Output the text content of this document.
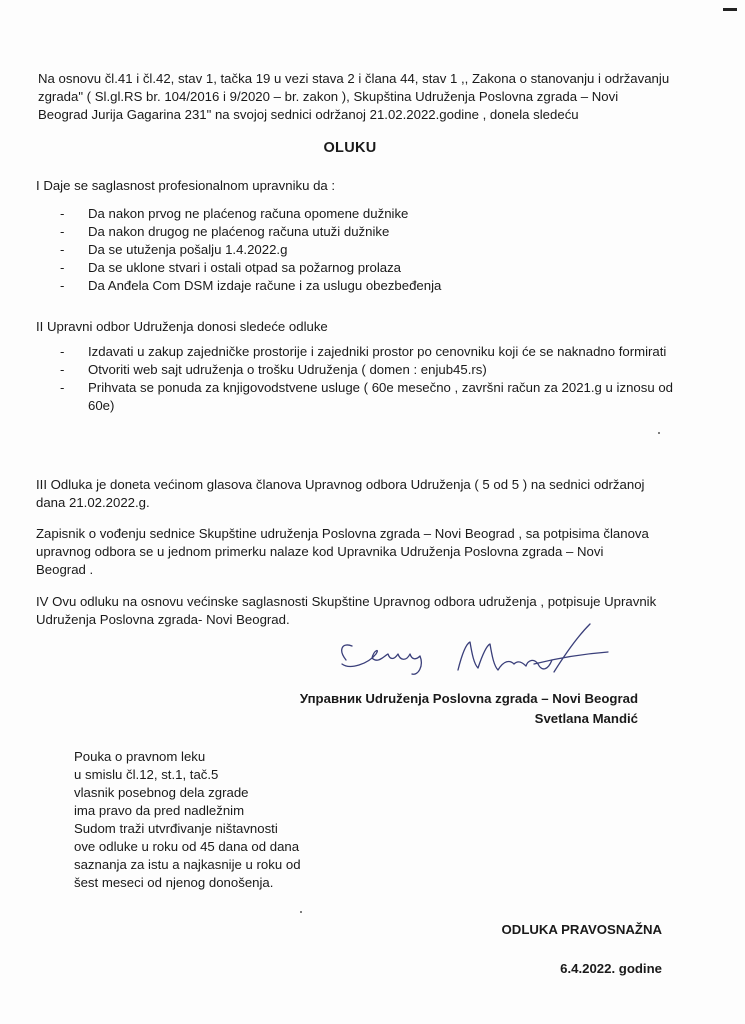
Na osnovu čl.41 i čl.42, stav 1, tačka 19 u vezi stava 2 i člana 44, stav 1 ,, Zakona o stanovanju i održavanju zgrada" ( Sl.gl.RS br. 104/2016 i 9/2020 – br. zakon ), Skupština Udruženja Poslovna zgrada – Novi Beograd Jurija Gagarina 231" na svojoj sednici održanoj 21.02.2022.godine , donela sledeću

OLUKU

I Daje se saglasnost profesionalnom upravniku da :

- Da nakon prvog ne plaćenog računa opomene dužnike
- Da nakon drugog ne plaćenog računa utuži dužnike
- Da se utuženja pošalju 1.4.2022.g
- Da se uklone stvari i ostali otpad sa požarnog prolaza
- Da Anđela Com DSM izdaje račune i za uslugu obezbeđenja

II Upravni odbor Udruženja donosi sledeće odluke

- Izdavati u zakup zajedničke prostorije i zajedniki prostor po cenovniku koji će se naknadno formirati
- Otvoriti web sajt udruženja o trošku Udruženja ( domen : enjub45.rs)
- Prihvata se ponuda za knjigovodstvene usluge ( 60e mesečno , završni račun za 2021.g u iznosu od 60e)

III Odluka je doneta većinom glasova članova Upravnog odbora Udruženja ( 5 od 5 ) na sednici održanoj dana 21.02.2022.g.

Zapisnik o vođenju sednice Skupštine udruženja Poslovna zgrada – Novi Beograd , sa potpisima članova upravnog odbora se u jednom primerku nalaze kod Upravnika Udruženja Poslovna zgrada – Novi Beograd .

IV Ovu odluku na osnovu većinske saglasnosti Skupštine Upravnog odbora udruženja , potpisuje Upravnik Udruženja Poslovna zgrada- Novi Beograd.

Управник Udruženja Poslovna zgrada – Novi Beograd
Svetlana Mandić
Pouka o pravnom leku
u smislu čl.12, st.1, tač.5
vlasnik posebnog dela zgrade
ima pravo da pred nadležnim
Sudom traži utvrđivanje ništavnosti
ove odluke u roku od 45 dana od dana
saznanja za istu a najkasnije u roku od
šest meseci od njenog donošenja.
ODLUKA PRAVOSNAŽNA
6.4.2022. godine
